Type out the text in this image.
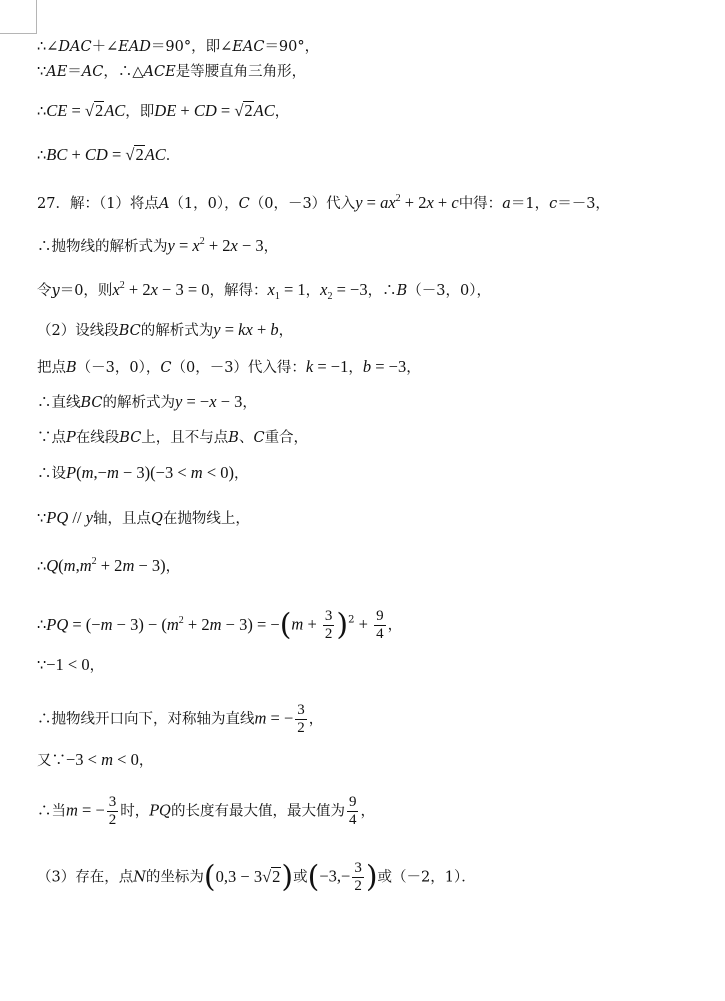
∴∠DAC＋∠EAD＝90°，即∠EAC＝90°，
∵AE＝AC，∴△ACE是等腰直角三角形，
∴CE = √2AC，即DE + CD = √2AC，
∴BC + CD = √2AC．
27．解：（1）将点A（1，0），C（0，－3）代入$y = ax^2 + 2x + c$中得：a＝1，c＝－3，
∴抛物线的解析式为$y = x^2 + 2x - 3$，
令y＝0，则$x^2 + 2x - 3 = 0$，解得：$x_1 = 1$，$x_2 = -3$，∴B（－3，0），
（2）设线段BC的解析式为y = kx + b，
把点B（－3，0），C（0，－3）代入得：k = −1，b = −3，
∴直线BC的解析式为y = −x − 3，
∵点P在线段BC上，且不与点B、C重合，
∴设P(m,−m − 3)(−3 < m < 0)，
∵PQ // y轴，且点Q在抛物线上，
$\therefore Q(m,m^2 + 2m - 3)$，
∴PQ = $(-m - 3) - (m^2 + 2m - 3) = -(m + \frac{3}{2} )^2 + \frac{9}{4}$ ，
∵−1 < 0，
∴抛物线开口向下，对称轴为直线m = − $\frac{3}{2}$ ，
又∵−3 < m < 0，
∴当m = − $\frac{3}{2}$ 时，PQ的长度有最大值，最大值为 $\frac{9}{4}$ ，
（3）存在，点N的坐标为(0,3 − 3√2)或($-3,- \frac{3}{2}$ )或（－2，1）．
